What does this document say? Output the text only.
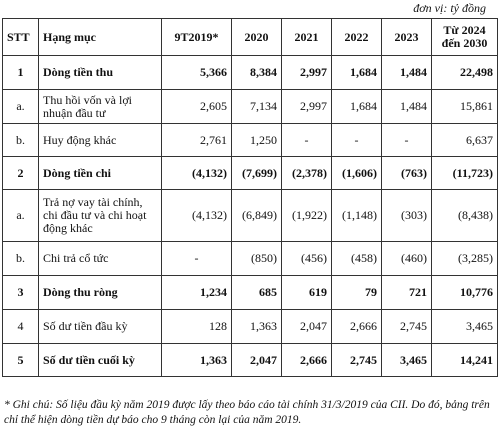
đơn vị: tỷ đồng
STT	Hạng mục	9T2019*	2020	2021	2022	2023	Từ 2024 đến 2030
1	Dòng tiền thu	5,366	8,384	2,997	1,684	1,484	22,498
a.	Thu hồi vốn và lợi nhuận đầu tư	2,605	7,134	2,997	1,684	1,484	15,861
b.	Huy động khác	2,761	1,250	-	-	-	6,637
2	Dòng tiền chi	(4,132)	(7,699)	(2,378)	(1,606)	(763)	(11,723)
a.	Trả nợ vay tài chính, chi đầu tư và chi hoạt động khác	(4,132)	(6,849)	(1,922)	(1,148)	(303)	(8,438)
b.	Chi trả cổ tức	-	(850)	(456)	(458)	(460)	(3,285)
3	Dòng thu ròng	1,234	685	619	79	721	10,776
4	Số dư tiền đầu kỳ	128	1,363	2,047	2,666	2,745	3,465
5	Số dư tiền cuối kỳ	1,363	2,047	2,666	2,745	3,465	14,241
* Ghi chú: Số liệu đầu kỳ năm 2019 được lấy theo báo cáo tài chính 31/3/2019 của CII. Do đó, bảng trên chỉ thể hiện dòng tiền dự báo cho 9 tháng còn lại của năm 2019.
